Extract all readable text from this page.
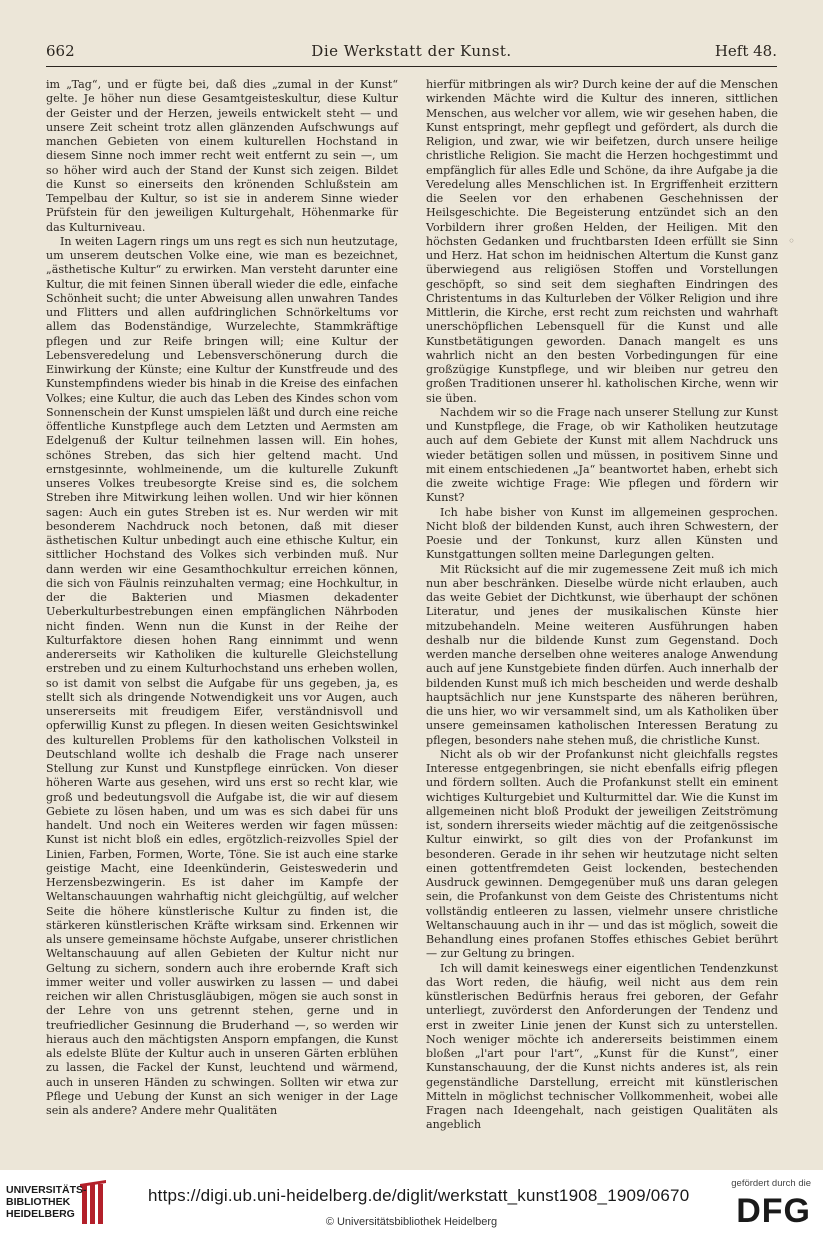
662	Die Werkstatt der Kunst.	Heft 48.

im „Tag“, und er fügte bei, daß dies „zumal in der Kunst“ gelte. Je höher nun diese Gesamtgeisteskultur, diese Kultur der Geister und der Herzen, jeweils entwickelt steht — und unsere Zeit scheint trotz allen glänzenden Aufschwungs auf manchen Gebieten von einem kulturellen Hochstand in diesem Sinne noch immer recht weit entfernt zu sein —, um so höher wird auch der Stand der Kunst sich zeigen. Bildet die Kunst so einerseits den krönenden Schlußstein am Tempelbau der Kultur, so ist sie in anderem Sinne wieder Prüfstein für den jeweiligen Kulturgehalt, Höhenmarke für das Kulturniveau.

In weiten Lagern rings um uns regt es sich nun heutzutage, um unserem deutschen Volke eine, wie man es bezeichnet, „ästhetische Kultur“ zu erwirken. Man versteht darunter eine Kultur, die mit feinen Sinnen überall wieder die edle, einfache Schönheit sucht; die unter Abweisung allen unwahren Tandes und Flitters und allen aufdringlichen Schnörkeltums vor allem das Bodenständige, Wurzelechte, Stammkräftige pflegen und zur Reife bringen will; eine Kultur der Lebensveredelung und Lebensverschönerung durch die Einwirkung der Künste; eine Kultur der Kunstfreude und des Kunstempfindens wieder bis hinab in die Kreise des einfachen Volkes; eine Kultur, die auch das Leben des Kindes schon vom Sonnenschein der Kunst umspielen läßt und durch eine reiche öffentliche Kunstpflege auch dem Letzten und Aermsten am Edelgenuß der Kultur teilnehmen lassen will. Ein hohes, schönes Streben, das sich hier geltend macht. Und ernstgesinnte, wohlmeinende, um die kulturelle Zukunft unseres Volkes treubesorgte Kreise sind es, die solchem Streben ihre Mitwirkung leihen wollen. Und wir hier können sagen: Auch ein gutes Streben ist es. Nur werden wir mit besonderem Nachdruck noch betonen, daß mit dieser ästhetischen Kultur unbedingt auch eine ethische Kultur, ein sittlicher Hochstand des Volkes sich verbinden muß. Nur dann werden wir eine Gesamthochkultur erreichen können, die sich von Fäulnis reinzuhalten vermag; eine Hochkultur, in der die Bakterien und Miasmen dekadenter Ueberkulturbestrebungen einen empfänglichen Nährboden nicht finden. Wenn nun die Kunst in der Reihe der Kulturfaktore diesen hohen Rang einnimmt und wenn andererseits wir Katholiken die kulturelle Gleichstellung erstreben und zu einem Kulturhochstand uns erheben wollen, so ist damit von selbst die Aufgabe für uns gegeben, ja, es stellt sich als dringende Notwendigkeit uns vor Augen, auch unsererseits mit freudigem Eifer, verständnisvoll und opferwillig Kunst zu pflegen. In diesen weiten Gesichtswinkel des kulturellen Problems für den katholischen Volksteil in Deutschland wollte ich deshalb die Frage nach unserer Stellung zur Kunst und Kunstpflege einrücken. Von dieser höheren Warte aus gesehen, wird uns erst so recht klar, wie groß und bedeutungsvoll die Aufgabe ist, die wir auf diesem Gebiete zu lösen haben, und um was es sich dabei für uns handelt. Und noch ein Weiteres werden wir fagen müssen: Kunst ist nicht bloß ein edles, ergötzlich-reizvolles Spiel der Linien, Farben, Formen, Worte, Töne. Sie ist auch eine starke geistige Macht, eine Ideenkünderin, Geisteswederin und Herzensbezwingerin. Es ist daher im Kampfe der Weltanschauungen wahrhaftig nicht gleichgültig, auf welcher Seite die höhere künstlerische Kultur zu finden ist, die stärkeren künstlerischen Kräfte wirksam sind. Erkennen wir als unsere gemeinsame höchste Aufgabe, unserer christlichen Weltanschauung auf allen Gebieten der Kultur nicht nur Geltung zu sichern, sondern auch ihre erobernde Kraft sich immer weiter und voller auswirken zu lassen — und dabei reichen wir allen Christusgläubigen, mögen sie auch sonst in der Lehre von uns getrennt stehen, gerne und in treufriedlicher Gesinnung die Bruderhand —, so werden wir hieraus auch den mächtigsten Ansporn empfangen, die Kunst als edelste Blüte der Kultur auch in unseren Gärten erblühen zu lassen, die Fackel der Kunst, leuchtend und wärmend, auch in unseren Händen zu schwingen. Sollten wir etwa zur Pflege und Uebung der Kunst an sich weniger in der Lage sein als andere? Andere mehr Qualitäten

hierfür mitbringen als wir? Durch keine der auf die Menschen wirkenden Mächte wird die Kultur des inneren, sittlichen Menschen, aus welcher vor allem, wie wir gesehen haben, die Kunst entspringt, mehr gepflegt und gefördert, als durch die Religion, und zwar, wie wir beifetzen, durch unsere heilige christliche Religion. Sie macht die Herzen hochgestimmt und empfänglich für alles Edle und Schöne, da ihre Aufgabe ja die Veredelung alles Menschlichen ist. In Ergriffenheit erzittern die Seelen vor den erhabenen Geschehnissen der Heilsgeschichte. Die Begeisterung entzündet sich an den Vorbildern ihrer großen Helden, der Heiligen. Mit den höchsten Gedanken und fruchtbarsten Ideen erfüllt sie Sinn und Herz. Hat schon im heidnischen Altertum die Kunst ganz überwiegend aus religiösen Stoffen und Vorstellungen geschöpft, so sind seit dem sieghaften Eindringen des Christentums in das Kulturleben der Völker Religion und ihre Mittlerin, die Kirche, erst recht zum reichsten und wahrhaft unerschöpflichen Lebensquell für die Kunst und alle Kunstbetätigungen geworden. Danach mangelt es uns wahrlich nicht an den besten Vorbedingungen für eine großzügige Kunstpflege, und wir bleiben nur getreu den großen Traditionen unserer hl. katholischen Kirche, wenn wir sie üben.

Nachdem wir so die Frage nach unserer Stellung zur Kunst und Kunstpflege, die Frage, ob wir Katholiken heutzutage auch auf dem Gebiete der Kunst mit allem Nachdruck uns wieder betätigen sollen und müssen, in positivem Sinne und mit einem entschiedenen „Ja“ beantwortet haben, erhebt sich die zweite wichtige Frage: Wie pflegen und fördern wir Kunst?

Ich habe bisher von Kunst im allgemeinen gesprochen. Nicht bloß der bildenden Kunst, auch ihren Schwestern, der Poesie und der Tonkunst, kurz allen Künsten und Kunstgattungen sollten meine Darlegungen gelten.

Mit Rücksicht auf die mir zugemessene Zeit muß ich mich nun aber beschränken. Dieselbe würde nicht erlauben, auch das weite Gebiet der Dichtkunst, wie überhaupt der schönen Literatur, und jenes der musikalischen Künste hier mitzubehandeln. Meine weiteren Ausführungen haben deshalb nur die bildende Kunst zum Gegenstand. Doch werden manche derselben ohne weiteres analoge Anwendung auch auf jene Kunstgebiete finden dürfen. Auch innerhalb der bildenden Kunst muß ich mich bescheiden und werde deshalb hauptsächlich nur jene Kunstsparte des näheren berühren, die uns hier, wo wir versammelt sind, um als Katholiken über unsere gemeinsamen katholischen Interessen Beratung zu pflegen, besonders nahe stehen muß, die christliche Kunst.

Nicht als ob wir der Profankunst nicht gleichfalls regstes Interesse entgegenbringen, sie nicht ebenfalls eifrig pflegen und fördern sollten. Auch die Profankunst stellt ein eminent wichtiges Kulturgebiet und Kulturmittel dar. Wie die Kunst im allgemeinen nicht bloß Produkt der jeweiligen Zeitströmung ist, sondern ihrerseits wieder mächtig auf die zeitgenössische Kultur einwirkt, so gilt dies von der Profankunst im besonderen. Gerade in ihr sehen wir heutzutage nicht selten einen gottentfremdeten Geist lockenden, bestechenden Ausdruck gewinnen. Demgegenüber muß uns daran gelegen sein, die Profankunst von dem Geiste des Christentums nicht vollständig entleeren zu lassen, vielmehr unsere christliche Weltanschauung auch in ihr — und das ist möglich, soweit die Behandlung eines profanen Stoffes ethisches Gebiet berührt — zur Geltung zu bringen.

Ich will damit keineswegs einer eigentlichen Tendenzkunst das Wort reden, die häufig, weil nicht aus dem rein künstlerischen Bedürfnis heraus frei geboren, der Gefahr unterliegt, zuvörderst den Anforderungen der Tendenz und erst in zweiter Linie jenen der Kunst sich zu unterstellen. Noch weniger möchte ich andererseits beistimmen einem bloßen „l'art pour l'art“, „Kunst für die Kunst“, einer Kunstanschauung, der die Kunst nichts anderes ist, als rein gegenständliche Darstellung, erreicht mit künstlerischen Mitteln in möglichst technischer Vollkommenheit, wobei alle Fragen nach Ideengehalt, nach geistigen Qualitäten als angeblich

◦
UNIVERSITÄTS-
BIBLIOTHEK
HEIDELBERG
https://digi.ub.uni-heidelberg.de/diglit/werkstatt_kunst1908_1909/0670
© Universitätsbibliothek Heidelberg
gefördert durch die
DFG
